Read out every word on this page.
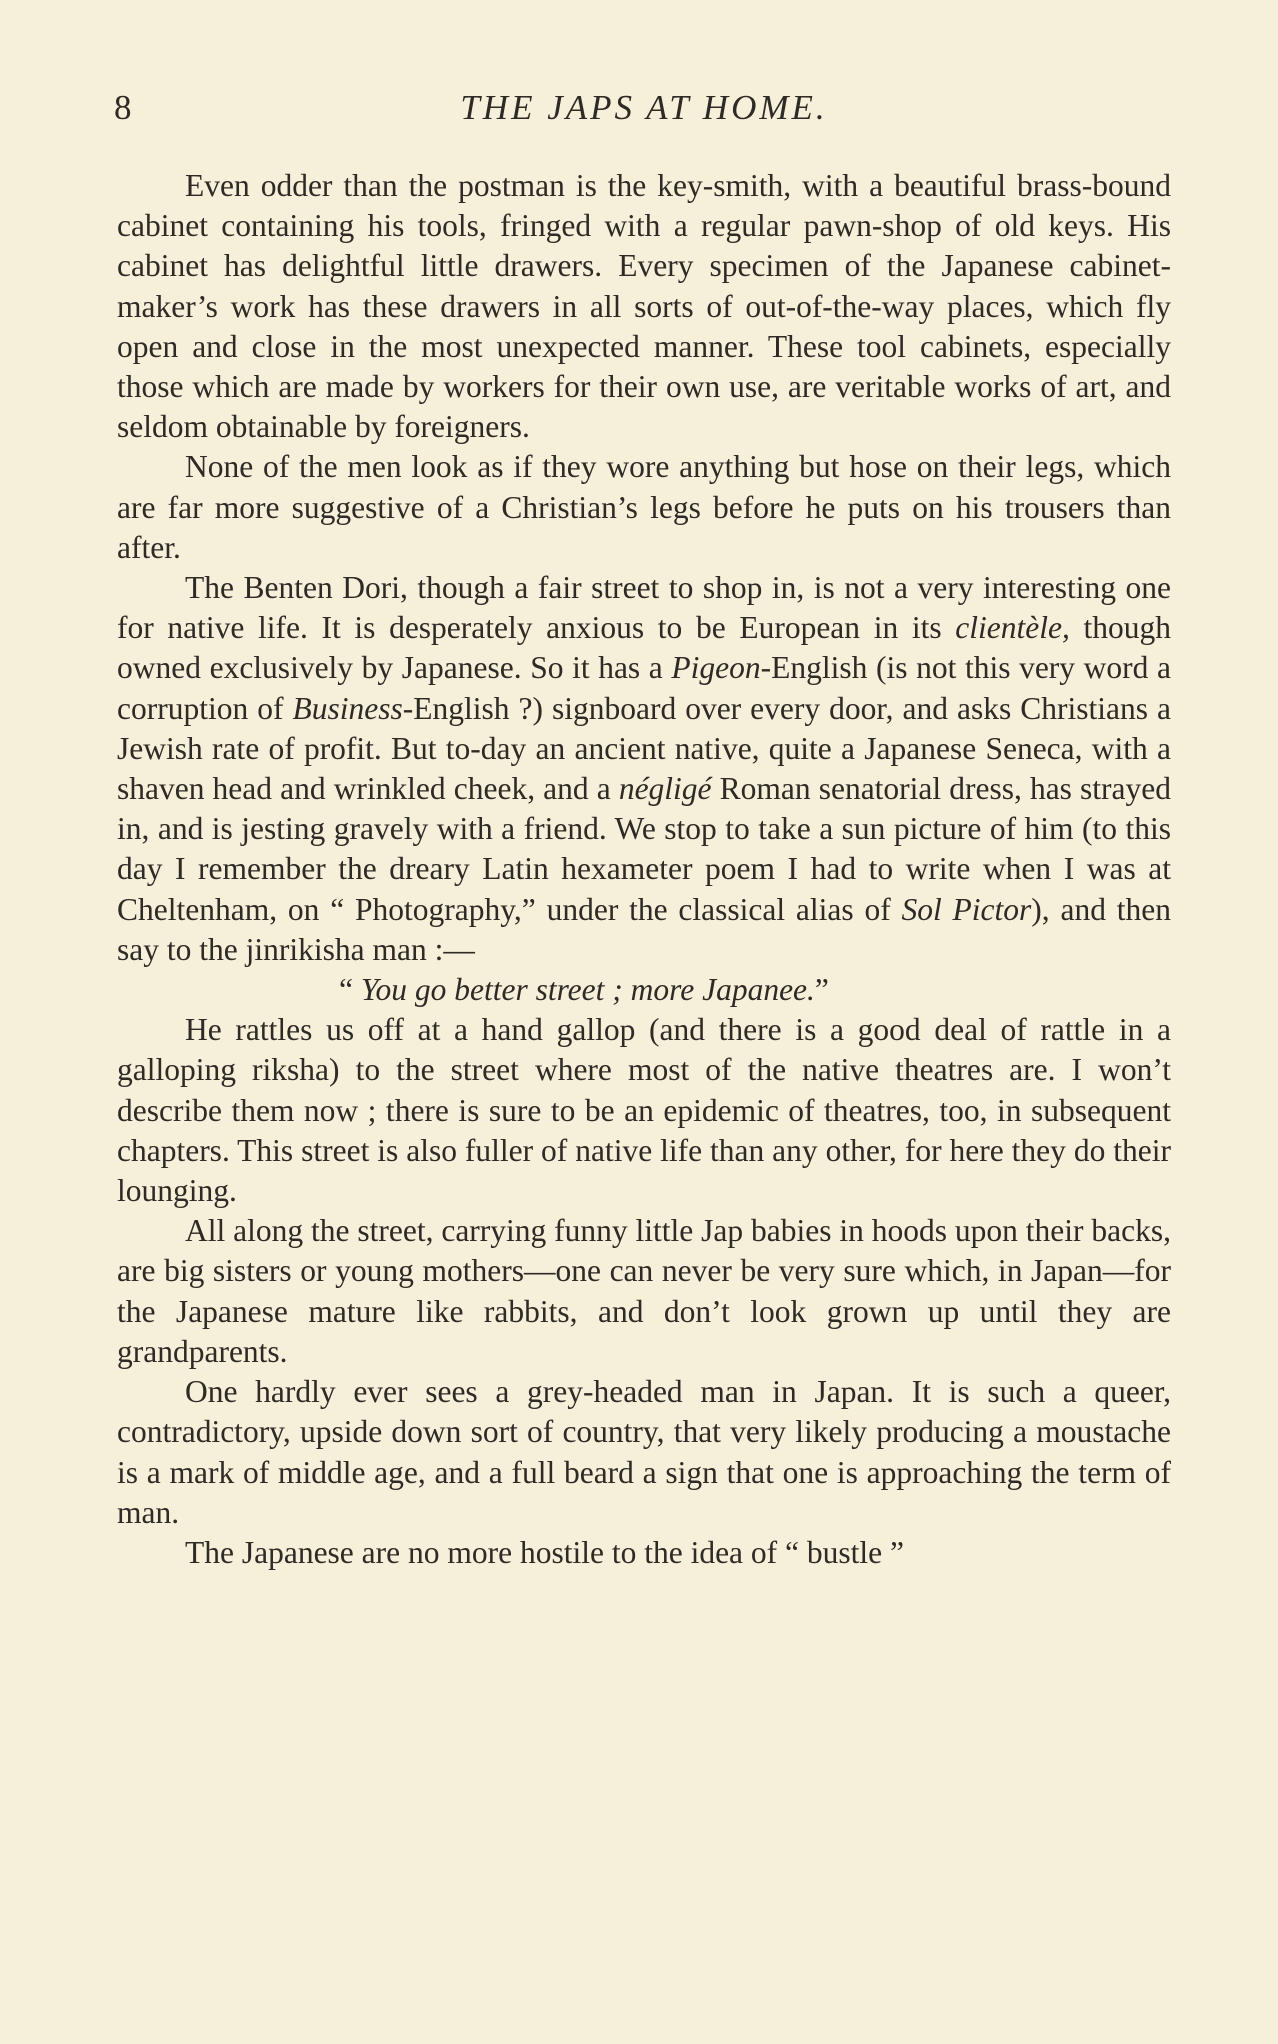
8	THE JAPS AT HOME.

Even odder than the postman is the key-smith, with a beautiful brass-bound cabinet containing his tools, fringed with a regular pawn-shop of old keys. His cabinet has delightful little drawers. Every specimen of the Japanese cabinet-maker’s work has these drawers in all sorts of out-of-the-way places, which fly open and close in the most unexpected manner. These tool cabinets, especially those which are made by workers for their own use, are veritable works of art, and seldom obtainable by foreigners.

None of the men look as if they wore anything but hose on their legs, which are far more suggestive of a Christian’s legs before he puts on his trousers than after.

The Benten Dori, though a fair street to shop in, is not a very interesting one for native life. It is desperately anxious to be European in its clientèle, though owned exclusively by Japanese. So it has a Pigeon-English (is not this very word a corruption of Business-English ?) signboard over every door, and asks Christians a Jewish rate of profit. But to-day an ancient native, quite a Japanese Seneca, with a shaven head and wrinkled cheek, and a négligé Roman senatorial dress, has strayed in, and is jesting gravely with a friend. We stop to take a sun picture of him (to this day I remember the dreary Latin hexameter poem I had to write when I was at Cheltenham, on “ Photography,” under the classical alias of Sol Pictor), and then say to the jinrikisha man :—

“ You go better street ; more Japanee.”

He rattles us off at a hand gallop (and there is a good deal of rattle in a galloping riksha) to the street where most of the native theatres are. I won’t describe them now ; there is sure to be an epidemic of theatres, too, in subsequent chapters. This street is also fuller of native life than any other, for here they do their lounging.

All along the street, carrying funny little Jap babies in hoods upon their backs, are big sisters or young mothers—one can never be very sure which, in Japan—for the Japanese mature like rabbits, and don’t look grown up until they are grandparents.

One hardly ever sees a grey-headed man in Japan. It is such a queer, contradictory, upside down sort of country, that very likely producing a moustache is a mark of middle age, and a full beard a sign that one is approaching the term of man.

The Japanese are no more hostile to the idea of “ bustle ”
